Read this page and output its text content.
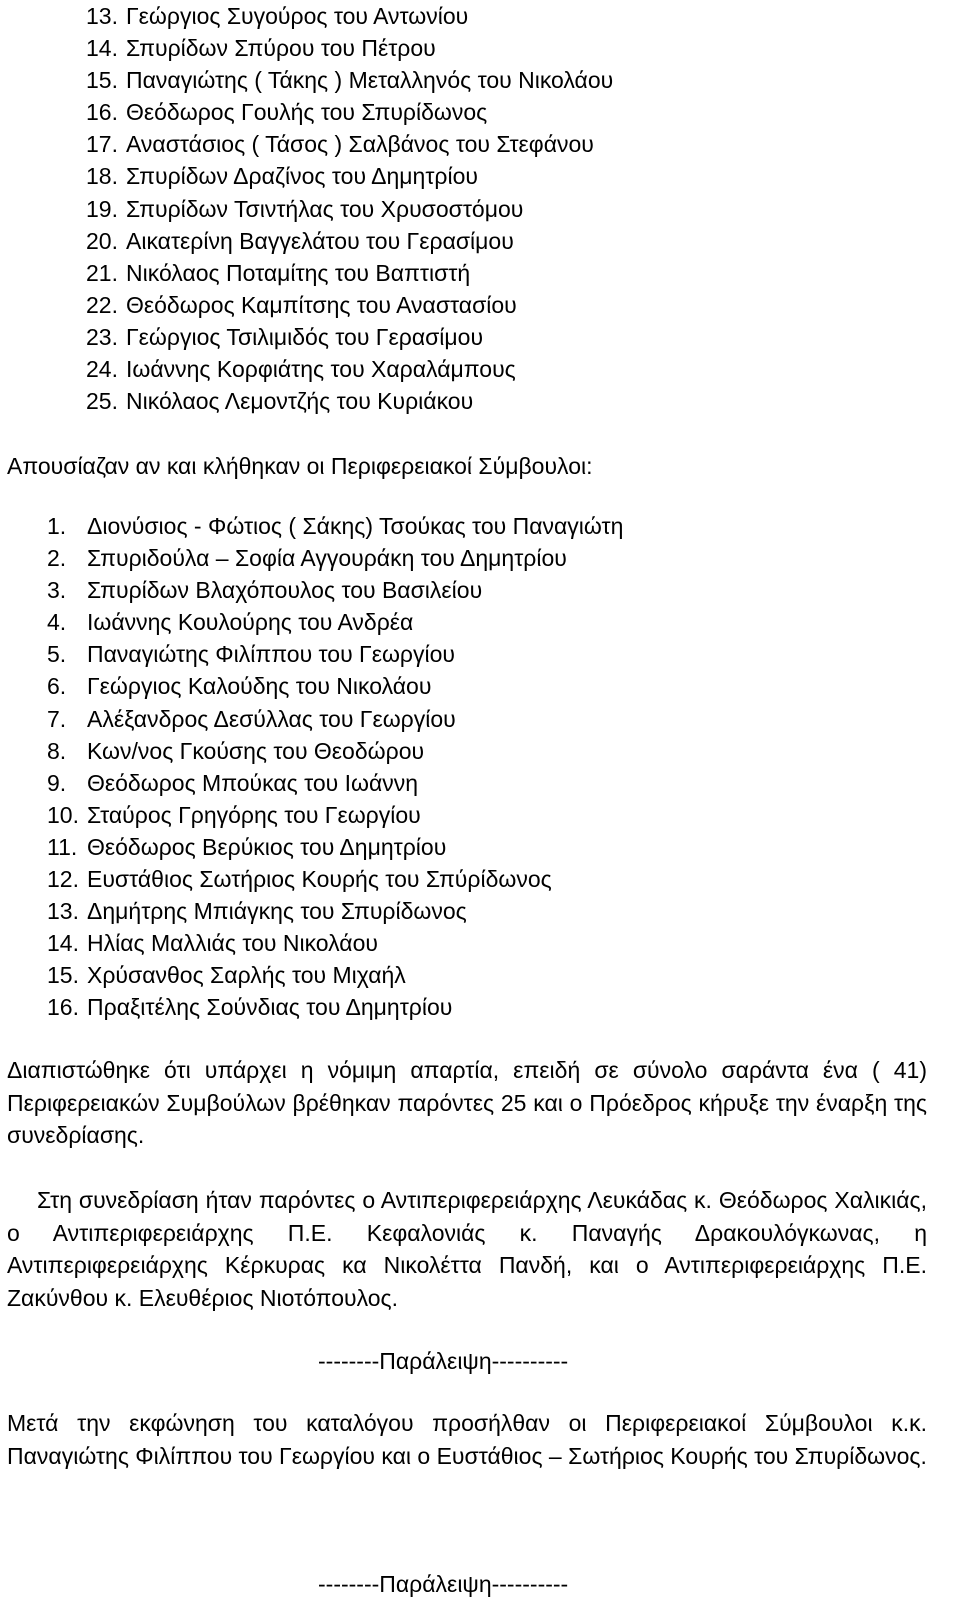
13. Γεώργιος Συγούρος του Αντωνίου
14. Σπυρίδων Σπύρου του Πέτρου
15. Παναγιώτης ( Τάκης ) Μεταλληνός του Νικολάου
16. Θεόδωρος Γουλής του Σπυρίδωνος
17. Αναστάσιος ( Τάσος ) Σαλβάνος του Στεφάνου
18. Σπυρίδων Δραζίνος του Δημητρίου
19. Σπυρίδων Τσιντήλας του Χρυσοστόμου
20. Αικατερίνη Βαγγελάτου του Γερασίμου
21. Νικόλαος Ποταμίτης του Βαπτιστή
22. Θεόδωρος Καμπίτσης του Αναστασίου
23. Γεώργιος Τσιλιμιδός του Γερασίμου
24. Ιωάννης Κορφιάτης του Χαραλάμπους
25. Νικόλαος Λεμοντζής του Κυριάκου
Απουσίαζαν αν και κλήθηκαν οι Περιφερειακοί Σύμβουλοι:
1. Διονύσιος - Φώτιος ( Σάκης) Τσούκας του Παναγιώτη
2. Σπυριδούλα – Σοφία Αγγουράκη του Δημητρίου
3. Σπυρίδων Βλαχόπουλος του Βασιλείου
4. Ιωάννης Κουλούρης του Ανδρέα
5. Παναγιώτης Φιλίππου του Γεωργίου
6. Γεώργιος Καλούδης του Νικολάου
7. Αλέξανδρος Δεσύλλας του Γεωργίου
8. Κων/νος Γκούσης του Θεοδώρου
9. Θεόδωρος Μπούκας του Ιωάννη
10. Σταύρος Γρηγόρης του Γεωργίου
11. Θεόδωρος Βερύκιος του Δημητρίου
12. Ευστάθιος Σωτήριος Κουρής του Σπύρίδωνος
13. Δημήτρης Μπιάγκης του Σπυρίδωνος
14. Ηλίας Μαλλιάς του Νικολάου
15. Χρύσανθος Σαρλής του Μιχαήλ
16. Πραξιτέλης Σούνδιας του Δημητρίου

Διαπιστώθηκε ότι υπάρχει η νόμιμη απαρτία, επειδή σε σύνολο σαράντα ένα ( 41) Περιφερειακών Συμβούλων βρέθηκαν παρόντες 25 και ο Πρόεδρος κήρυξε την έναρξη της συνεδρίασης.

Στη συνεδρίαση ήταν παρόντες ο Αντιπεριφερειάρχης Λευκάδας κ. Θεόδωρος Χαλικιάς, ο Αντιπεριφερειάρχης Π.Ε. Κεφαλονιάς κ. Παναγής Δρακουλόγκωνας, η Αντιπεριφερειάρχης Κέρκυρας κα Νικολέττα Πανδή, και ο Αντιπεριφερειάρχης Π.Ε. Ζακύνθου κ. Ελευθέριος Νιοτόπουλος.

--------Παράλειψη----------

Μετά την εκφώνηση του καταλόγου προσήλθαν οι Περιφερειακοί Σύμβουλοι κ.κ. Παναγιώτης Φιλίππου του Γεωργίου και ο Ευστάθιος – Σωτήριος Κουρής του Σπυρίδωνος.

--------Παράλειψη----------
